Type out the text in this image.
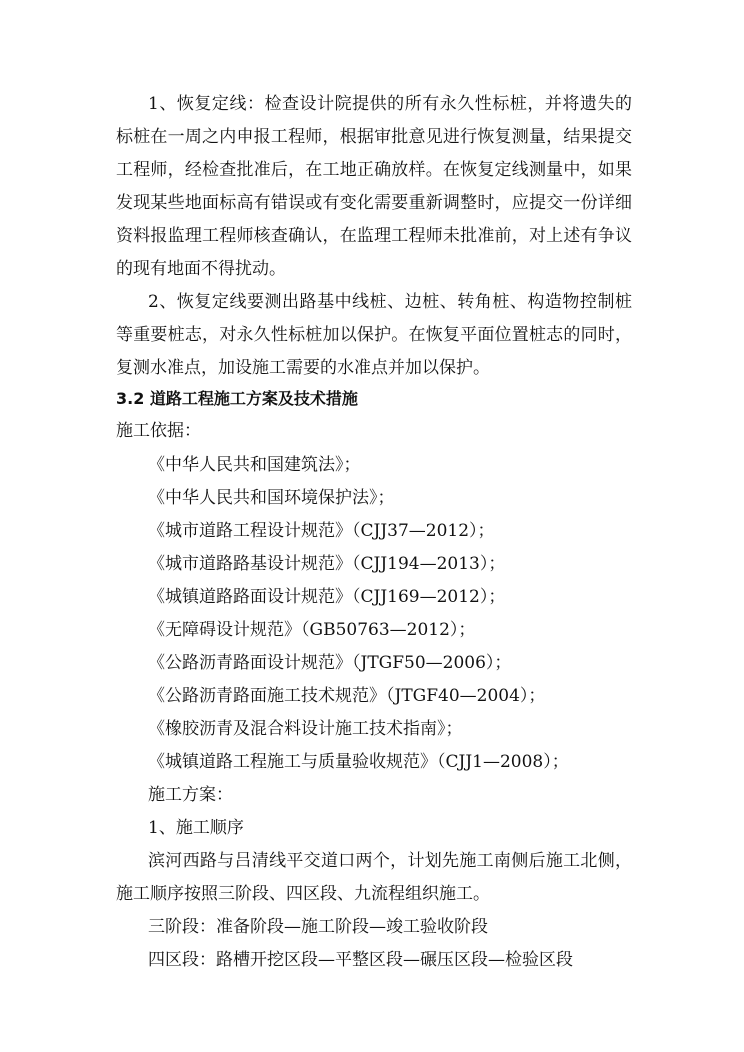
1、恢复定线：检查设计院提供的所有永久性标桩，并将遗失的
标桩在一周之内申报工程师，根据审批意见进行恢复测量，结果提交
工程师，经检查批准后，在工地正确放样。在恢复定线测量中，如果
发现某些地面标高有错误或有变化需要重新调整时，应提交一份详细
资料报监理工程师核查确认，在监理工程师未批准前，对上述有争议
的现有地面不得扰动。
2、恢复定线要测出路基中线桩、边桩、转角桩、构造物控制桩
等重要桩志，对永久性标桩加以保护。在恢复平面位置桩志的同时，
复测水准点，加设施工需要的水准点并加以保护。
3.2 道路工程施工方案及技术措施
施工依据：
《中华人民共和国建筑法》；
《中华人民共和国环境保护法》；
《城市道路工程设计规范》（CJJ37—2012）；
《城市道路路基设计规范》（CJJ194—2013）；
《城镇道路路面设计规范》（CJJ169—2012）；
《无障碍设计规范》（GB50763—2012）；
《公路沥青路面设计规范》（JTGF50—2006）；
《公路沥青路面施工技术规范》（JTGF40—2004）；
《橡胶沥青及混合料设计施工技术指南》；
《城镇道路工程施工与质量验收规范》（CJJ1—2008）；
施工方案：
1、施工顺序
滨河西路与吕清线平交道口两个，计划先施工南侧后施工北侧，
施工顺序按照三阶段、四区段、九流程组织施工。
三阶段：准备阶段—施工阶段—竣工验收阶段
四区段：路槽开挖区段—平整区段—碾压区段—检验区段
